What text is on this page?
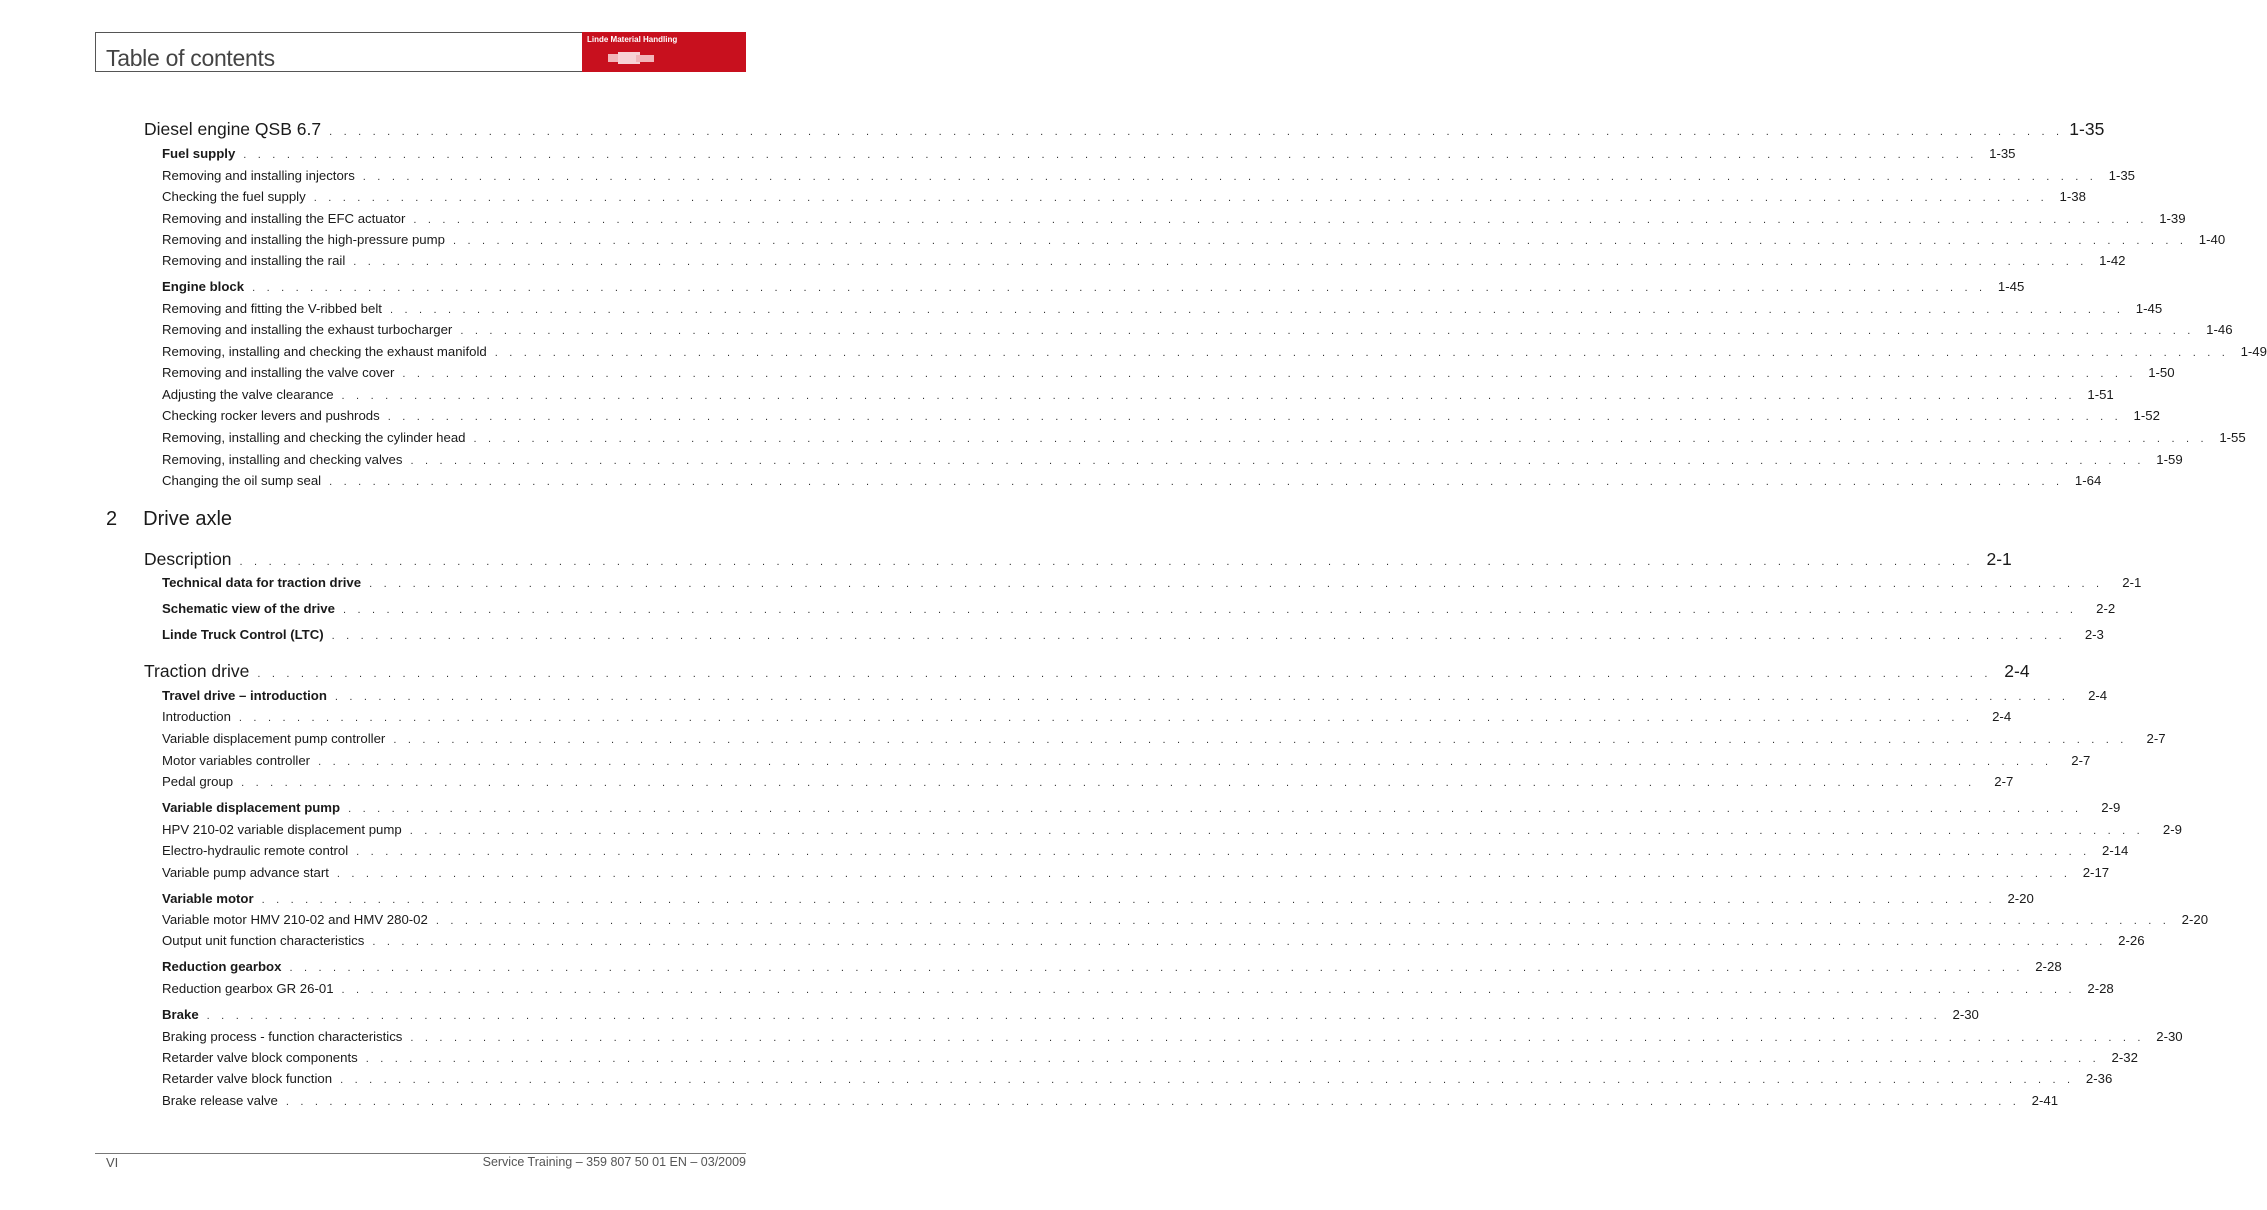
Table of contents
Linde Material Handling
Diesel engine QSB 6.7 . . . . . . . . . . . . . . . . . . . . . . . . . . . . . . . . . . . . . . . . . . . . . . . . . . . . . . . . . . . . . . . . . . . . . . . . . . . . . . . . . . . . . . . . . . . . . . . . . . . . . . . . . . . . . . . . . . . . . . . . 1-35
Fuel supply . . . . . . . . . . . . . . . . . . . . . . . . . . . . . . . . . . . . . . . . . . . . . . . . . . . . . . . . . . . . . . . . . . . . . . . . . . . . . . . . . . . . . . . . . . . . . . . . . . . . . . . . . . . . . . . . . . . . . . . . 1-35
Removing and installing injectors . . . . . . . . . . . . . . . . . . . . . . . . . . . . . . . . . . . . . . . . . . . . . . . . . . . . . . . . . . . . . . . . . . . . . . . . . . . . . . . . . . . . . . . . . . . . . . . . . . . . . . . . . . . . . . . . . . . . . . . . 1-35
Checking the fuel supply . . . . . . . . . . . . . . . . . . . . . . . . . . . . . . . . . . . . . . . . . . . . . . . . . . . . . . . . . . . . . . . . . . . . . . . . . . . . . . . . . . . . . . . . . . . . . . . . . . . . . . . . . . . . . . . . . . . . . . . . 1-38
Removing and installing the EFC actuator . . . . . . . . . . . . . . . . . . . . . . . . . . . . . . . . . . . . . . . . . . . . . . . . . . . . . . . . . . . . . . . . . . . . . . . . . . . . . . . . . . . . . . . . . . . . . . . . . . . . . . . . . . . . . . . . . . . . . . . . 1-39
Removing and installing the high-pressure pump . . . . . . . . . . . . . . . . . . . . . . . . . . . . . . . . . . . . . . . . . . . . . . . . . . . . . . . . . . . . . . . . . . . . . . . . . . . . . . . . . . . . . . . . . . . . . . . . . . . . . . . . . . . . . . . . . . . . . . . . 1-40
Removing and installing the rail . . . . . . . . . . . . . . . . . . . . . . . . . . . . . . . . . . . . . . . . . . . . . . . . . . . . . . . . . . . . . . . . . . . . . . . . . . . . . . . . . . . . . . . . . . . . . . . . . . . . . . . . . . . . . . . . . . . . . . . . 1-42
Engine block . . . . . . . . . . . . . . . . . . . . . . . . . . . . . . . . . . . . . . . . . . . . . . . . . . . . . . . . . . . . . . . . . . . . . . . . . . . . . . . . . . . . . . . . . . . . . . . . . . . . . . . . . . . . . . . . . . . . . . . . 1-45
Removing and fitting the V-ribbed belt . . . . . . . . . . . . . . . . . . . . . . . . . . . . . . . . . . . . . . . . . . . . . . . . . . . . . . . . . . . . . . . . . . . . . . . . . . . . . . . . . . . . . . . . . . . . . . . . . . . . . . . . . . . . . . . . . . . . . . . . 1-45
Removing and installing the exhaust turbocharger . . . . . . . . . . . . . . . . . . . . . . . . . . . . . . . . . . . . . . . . . . . . . . . . . . . . . . . . . . . . . . . . . . . . . . . . . . . . . . . . . . . . . . . . . . . . . . . . . . . . . . . . . . . . . . . . . . . . . . . . 1-46
Removing, installing and checking the exhaust manifold . . . . . . . . . . . . . . . . . . . . . . . . . . . . . . . . . . . . . . . . . . . . . . . . . . . . . . . . . . . . . . . . . . . . . . . . . . . . . . . . . . . . . . . . . . . . . . . . . . . . . . . . . . . . . . . . . . . . . . . . 1-49
Removing and installing the valve cover . . . . . . . . . . . . . . . . . . . . . . . . . . . . . . . . . . . . . . . . . . . . . . . . . . . . . . . . . . . . . . . . . . . . . . . . . . . . . . . . . . . . . . . . . . . . . . . . . . . . . . . . . . . . . . . . . . . . . . . . 1-50
Adjusting the valve clearance . . . . . . . . . . . . . . . . . . . . . . . . . . . . . . . . . . . . . . . . . . . . . . . . . . . . . . . . . . . . . . . . . . . . . . . . . . . . . . . . . . . . . . . . . . . . . . . . . . . . . . . . . . . . . . . . . . . . . . . . 1-51
Checking rocker levers and pushrods . . . . . . . . . . . . . . . . . . . . . . . . . . . . . . . . . . . . . . . . . . . . . . . . . . . . . . . . . . . . . . . . . . . . . . . . . . . . . . . . . . . . . . . . . . . . . . . . . . . . . . . . . . . . . . . . . . . . . . . . 1-52
Removing, installing and checking the cylinder head . . . . . . . . . . . . . . . . . . . . . . . . . . . . . . . . . . . . . . . . . . . . . . . . . . . . . . . . . . . . . . . . . . . . . . . . . . . . . . . . . . . . . . . . . . . . . . . . . . . . . . . . . . . . . . . . . . . . . . . . 1-55
Removing, installing and checking valves . . . . . . . . . . . . . . . . . . . . . . . . . . . . . . . . . . . . . . . . . . . . . . . . . . . . . . . . . . . . . . . . . . . . . . . . . . . . . . . . . . . . . . . . . . . . . . . . . . . . . . . . . . . . . . . . . . . . . . . . 1-59
Changing the oil sump seal . . . . . . . . . . . . . . . . . . . . . . . . . . . . . . . . . . . . . . . . . . . . . . . . . . . . . . . . . . . . . . . . . . . . . . . . . . . . . . . . . . . . . . . . . . . . . . . . . . . . . . . . . . . . . . . . . . . . . . . . 1-64
Description . . . . . . . . . . . . . . . . . . . . . . . . . . . . . . . . . . . . . . . . . . . . . . . . . . . . . . . . . . . . . . . . . . . . . . . . . . . . . . . . . . . . . . . . . . . . . . . . . . . . . . . . . . . . . . . . . . . . . . . . 2-1
Technical data for traction drive . . . . . . . . . . . . . . . . . . . . . . . . . . . . . . . . . . . . . . . . . . . . . . . . . . . . . . . . . . . . . . . . . . . . . . . . . . . . . . . . . . . . . . . . . . . . . . . . . . . . . . . . . . . . . . . . . . . . . . . .	2-1
Schematic view of the drive . . . . . . . . . . . . . . . . . . . . . . . . . . . . . . . . . . . . . . . . . . . . . . . . . . . . . . . . . . . . . . . . . . . . . . . . . . . . . . . . . . . . . . . . . . . . . . . . . . . . . . . . . . . . . . . . . . . . . . . .	2-2
Linde Truck Control (LTC) . . . . . . . . . . . . . . . . . . . . . . . . . . . . . . . . . . . . . . . . . . . . . . . . . . . . . . . . . . . . . . . . . . . . . . . . . . . . . . . . . . . . . . . . . . . . . . . . . . . . . . . . . . . . . . . . . . . . . . . .	2-3
Traction drive . . . . . . . . . . . . . . . . . . . . . . . . . . . . . . . . . . . . . . . . . . . . . . . . . . . . . . . . . . . . . . . . . . . . . . . . . . . . . . . . . . . . . . . . . . . . . . . . . . . . . . . . . . . . . . . . . . . . . . . . 2-4
Travel drive – introduction . . . . . . . . . . . . . . . . . . . . . . . . . . . . . . . . . . . . . . . . . . . . . . . . . . . . . . . . . . . . . . . . . . . . . . . . . . . . . . . . . . . . . . . . . . . . . . . . . . . . . . . . . . . . . . . . . . . . . . . .	2-4
Introduction . . . . . . . . . . . . . . . . . . . . . . . . . . . . . . . . . . . . . . . . . . . . . . . . . . . . . . . . . . . . . . . . . . . . . . . . . . . . . . . . . . . . . . . . . . . . . . . . . . . . . . . . . . . . . . . . . . . . . . . .	2-4
Variable displacement pump controller . . . . . . . . . . . . . . . . . . . . . . . . . . . . . . . . . . . . . . . . . . . . . . . . . . . . . . . . . . . . . . . . . . . . . . . . . . . . . . . . . . . . . . . . . . . . . . . . . . . . . . . . . . . . . . . . . . . . . . . .	2-7
Motor variables controller . . . . . . . . . . . . . . . . . . . . . . . . . . . . . . . . . . . . . . . . . . . . . . . . . . . . . . . . . . . . . . . . . . . . . . . . . . . . . . . . . . . . . . . . . . . . . . . . . . . . . . . . . . . . . . . . . . . . . . . .	2-7
Pedal group . . . . . . . . . . . . . . . . . . . . . . . . . . . . . . . . . . . . . . . . . . . . . . . . . . . . . . . . . . . . . . . . . . . . . . . . . . . . . . . . . . . . . . . . . . . . . . . . . . . . . . . . . . . . . . . . . . . . . . . .	2-7
Variable displacement pump . . . . . . . . . . . . . . . . . . . . . . . . . . . . . . . . . . . . . . . . . . . . . . . . . . . . . . . . . . . . . . . . . . . . . . . . . . . . . . . . . . . . . . . . . . . . . . . . . . . . . . . . . . . . . . . . . . . . . . . .	2-9
HPV 210-02 variable displacement pump . . . . . . . . . . . . . . . . . . . . . . . . . . . . . . . . . . . . . . . . . . . . . . . . . . . . . . . . . . . . . . . . . . . . . . . . . . . . . . . . . . . . . . . . . . . . . . . . . . . . . . . . . . . . . . . . . . . . . . . .	2-9
Electro-hydraulic remote control . . . . . . . . . . . . . . . . . . . . . . . . . . . . . . . . . . . . . . . . . . . . . . . . . . . . . . . . . . . . . . . . . . . . . . . . . . . . . . . . . . . . . . . . . . . . . . . . . . . . . . . . . . . . . . . . . . . . . . . . 2-14
Variable pump advance start . . . . . . . . . . . . . . . . . . . . . . . . . . . . . . . . . . . . . . . . . . . . . . . . . . . . . . . . . . . . . . . . . . . . . . . . . . . . . . . . . . . . . . . . . . . . . . . . . . . . . . . . . . . . . . . . . . . . . . . . 2-17
Variable motor . . . . . . . . . . . . . . . . . . . . . . . . . . . . . . . . . . . . . . . . . . . . . . . . . . . . . . . . . . . . . . . . . . . . . . . . . . . . . . . . . . . . . . . . . . . . . . . . . . . . . . . . . . . . . . . . . . . . . . . . 2-20
Variable motor HMV 210-02 and HMV 280-02 . . . . . . . . . . . . . . . . . . . . . . . . . . . . . . . . . . . . . . . . . . . . . . . . . . . . . . . . . . . . . . . . . . . . . . . . . . . . . . . . . . . . . . . . . . . . . . . . . . . . . . . . . . . . . . . . . . . . . . . . 2-20
Output unit function characteristics . . . . . . . . . . . . . . . . . . . . . . . . . . . . . . . . . . . . . . . . . . . . . . . . . . . . . . . . . . . . . . . . . . . . . . . . . . . . . . . . . . . . . . . . . . . . . . . . . . . . . . . . . . . . . . . . . . . . . . . . 2-26
Reduction gearbox . . . . . . . . . . . . . . . . . . . . . . . . . . . . . . . . . . . . . . . . . . . . . . . . . . . . . . . . . . . . . . . . . . . . . . . . . . . . . . . . . . . . . . . . . . . . . . . . . . . . . . . . . . . . . . . . . . . . . . . . 2-28
Reduction gearbox GR 26-01 . . . . . . . . . . . . . . . . . . . . . . . . . . . . . . . . . . . . . . . . . . . . . . . . . . . . . . . . . . . . . . . . . . . . . . . . . . . . . . . . . . . . . . . . . . . . . . . . . . . . . . . . . . . . . . . . . . . . . . . . 2-28
Brake . . . . . . . . . . . . . . . . . . . . . . . . . . . . . . . . . . . . . . . . . . . . . . . . . . . . . . . . . . . . . . . . . . . . . . . . . . . . . . . . . . . . . . . . . . . . . . . . . . . . . . . . . . . . . . . . . . . . . . . . 2-30
Braking process - function characteristics . . . . . . . . . . . . . . . . . . . . . . . . . . . . . . . . . . . . . . . . . . . . . . . . . . . . . . . . . . . . . . . . . . . . . . . . . . . . . . . . . . . . . . . . . . . . . . . . . . . . . . . . . . . . . . . . . . . . . . . . 2-30
Retarder valve block components . . . . . . . . . . . . . . . . . . . . . . . . . . . . . . . . . . . . . . . . . . . . . . . . . . . . . . . . . . . . . . . . . . . . . . . . . . . . . . . . . . . . . . . . . . . . . . . . . . . . . . . . . . . . . . . . . . . . . . . . 2-32
Retarder valve block function . . . . . . . . . . . . . . . . . . . . . . . . . . . . . . . . . . . . . . . . . . . . . . . . . . . . . . . . . . . . . . . . . . . . . . . . . . . . . . . . . . . . . . . . . . . . . . . . . . . . . . . . . . . . . . . . . . . . . . . . 2-36
Brake release valve . . . . . . . . . . . . . . . . . . . . . . . . . . . . . . . . . . . . . . . . . . . . . . . . . . . . . . . . . . . . . . . . . . . . . . . . . . . . . . . . . . . . . . . . . . . . . . . . . . . . . . . . . . . . . . . . . . . . . . . . 2-41
2 Drive axle
VI	Service Training – 359 807 50 01 EN – 03/2009
